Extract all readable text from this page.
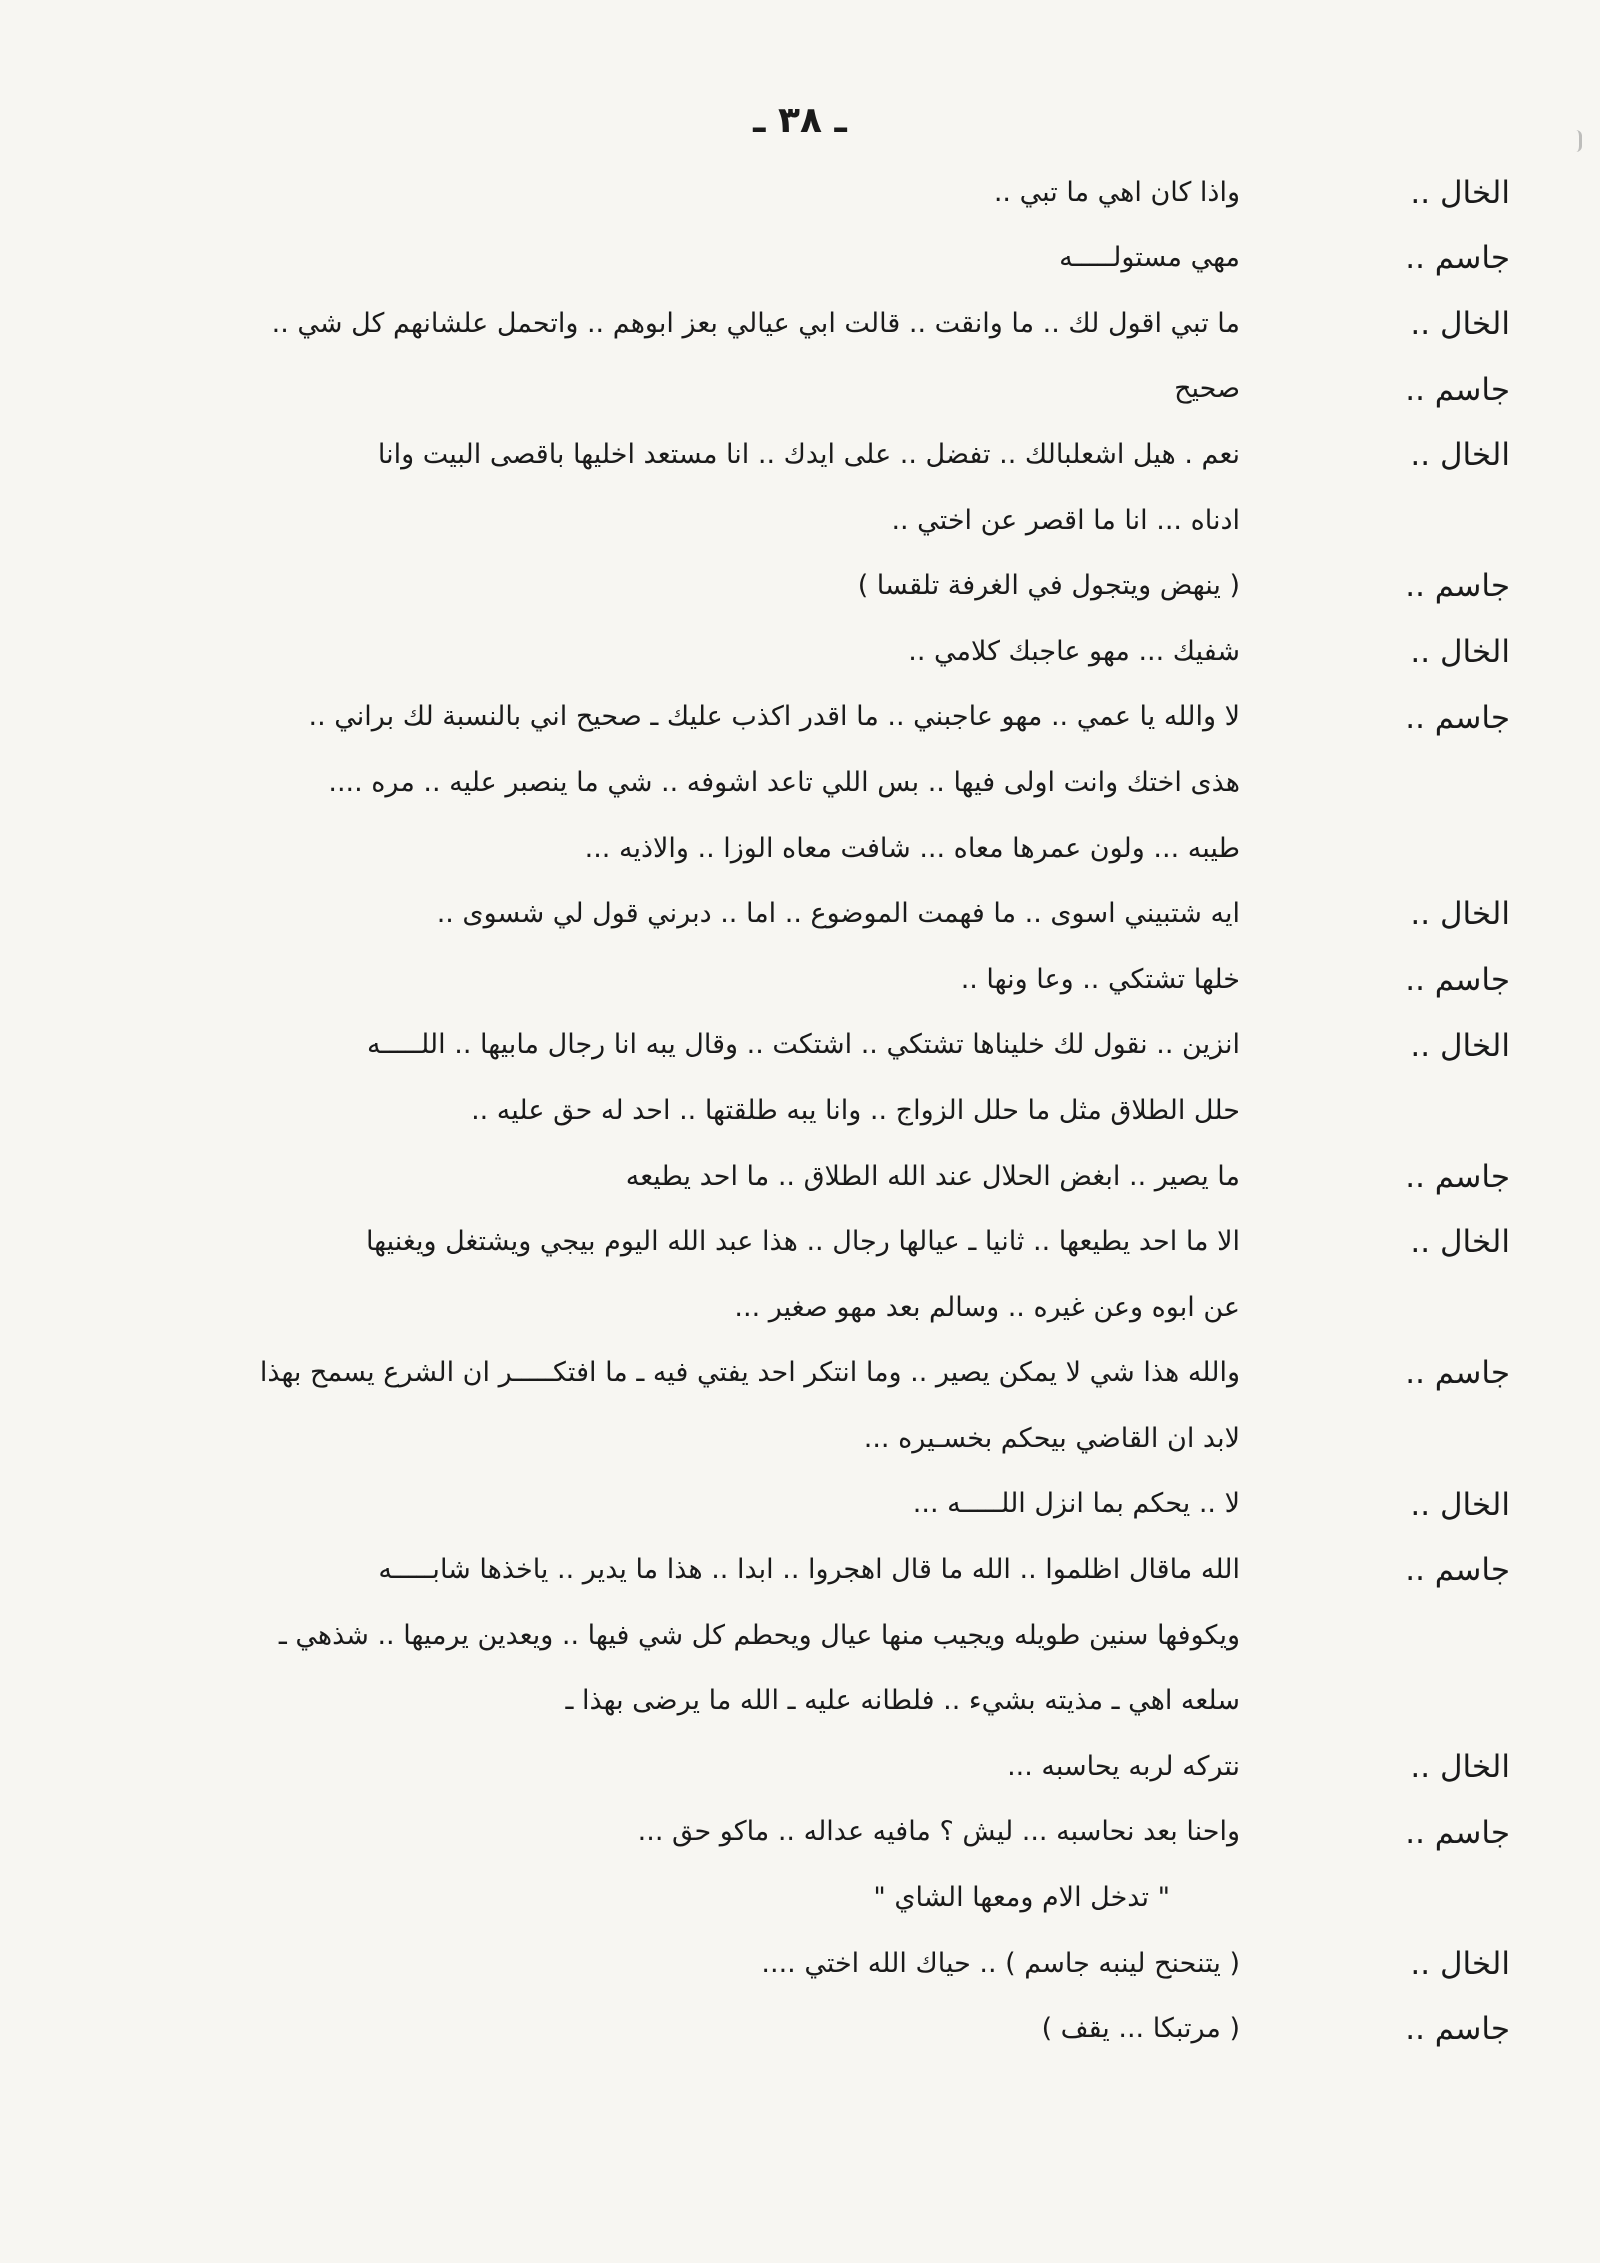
ـ ٣٨ ـ
الخال ..
واذا كان اهي ما تبي ..
جاسم ..
مهي مستولـــــه
الخال ..
ما تبي اقول لك .. ما وانقت .. قالت ابي عيالي بعز ابوهم .. واتحمل علشانهم كل شي ..
جاسم ..
صحيح
الخال ..
نعم . هيل اشعلبالك .. تفضل .. على ايدك .. انا مستعد اخليها باقصى البيت وانا
ادناه ... انا ما اقصر عن اختي ..
جاسم ..
( ينهض ويتجول في الغرفة تلقسا )
الخال ..
شفيك ... مهو عاجبك كلامي ..
جاسم ..
لا والله يا عمي .. مهو عاجبني .. ما اقدر اكذب عليك ـ صحيح اني بالنسبة لك براني ..
هذى اختك وانت اولى فيها .. بس اللي تاعد اشوفه .. شي ما ينصبر عليه .. مره ....
طيبه ... ولون عمرها معاه ... شافت معاه الوزا .. والاذيه ...
الخال ..
ايه شتبيني اسوى .. ما فهمت الموضوع .. اما .. دبرني قول لي شسوى ..
جاسم ..
خلها تشتكي .. وعا ونها ..
الخال ..
انزين .. نقول لك خليناها تشتكي .. اشتكت .. وقال يبه انا رجال مابيها .. اللـــــه
حلل الطلاق مثل ما حلل الزواج .. وانا يبه طلقتها .. احد له حق عليه ..
جاسم ..
ما يصير .. ابغض الحلال عند الله الطلاق .. ما احد يطيعه
الخال ..
الا ما احد يطيعها .. ثانيا ـ عيالها رجال .. هذا عبد الله اليوم بيجي ويشتغل ويغنيها
عن ابوه وعن غيره .. وسالم بعد مهو صغير ...
جاسم ..
والله هذا شي لا يمكن يصير .. وما انتكر احد يفتي فيه ـ ما افتكـــــر ان الشرع يسمح بهذا
لابد ان القاضي بيحكم بخسـيره ...
الخال ..
لا .. يحكم بما انزل اللـــــه ...
جاسم ..
الله ماقال اظلموا .. الله ما قال اهجروا .. ابدا .. هذا ما يدير .. ياخذها شابـــــه
ويكوفها سنين طويله ويجيب منها عيال ويحطم كل شي فيها .. ويعدين يرميها .. شذهي ـ
سلعه اهي ـ مذيته بشيء .. فلطانه عليه ـ الله ما يرضى بهذا ـ
الخال ..
نتركه لربه يحاسبه ...
جاسم ..
واحنا بعد نحاسبه ... ليش ؟ مافيه عداله .. ماكو حق ...
" تدخل الام ومعها الشاي "
الخال ..
( يتنحنح لينبه جاسم ) .. حياك الله اختي ....
جاسم ..
( مرتبكا ... يقف )
